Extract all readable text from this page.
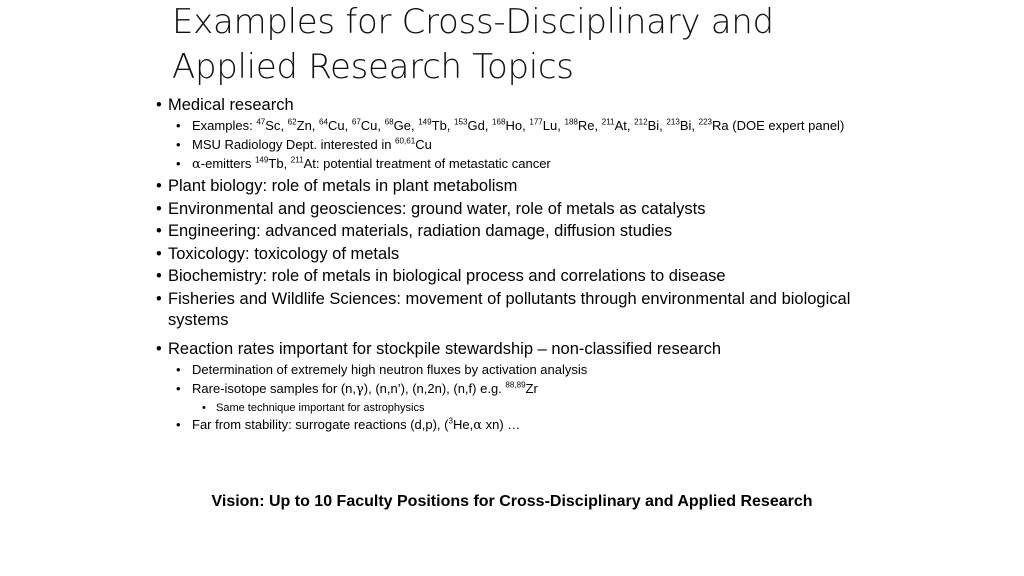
Examples for Cross-Disciplinary and
Applied Research Topics
• Medical research
• Examples: $^{47}$Sc, $^{62}$Zn, $^{64}$Cu, $^{67}$Cu, $^{68}$Ge, $^{149}$Tb, $^{153}$Gd, $^{168}$Ho, $^{177}$Lu, $^{188}$Re, $^{211}$At, $^{212}$Bi, $^{213}$Bi, $^{223}$Ra (DOE expert panel)
• MSU Radiology Dept. interested in $^{60,61}$Cu
• α-emitters $^{149}$Tb, $^{211}$At: potential treatment of metastatic cancer
• Plant biology: role of metals in plant metabolism
• Environmental and geosciences: ground water, role of metals as catalysts
• Engineering: advanced materials, radiation damage, diffusion studies
• Toxicology: toxicology of metals
• Biochemistry: role of metals in biological process and correlations to disease
• Fisheries and Wildlife Sciences: movement of pollutants through environmental and biological systems
• Reaction rates important for stockpile stewardship – non-classified research
• Determination of extremely high neutron fluxes by activation analysis
• Rare-isotope samples for (n,γ), (n,n’), (n,2n), (n,f) e.g. $^{88,89}$Zr
• Same technique important for astrophysics
• Far from stability: surrogate reactions (d,p), ($^3$He,α xn) …
Vision: Up to 10 Faculty Positions for Cross-Disciplinary and Applied Research
